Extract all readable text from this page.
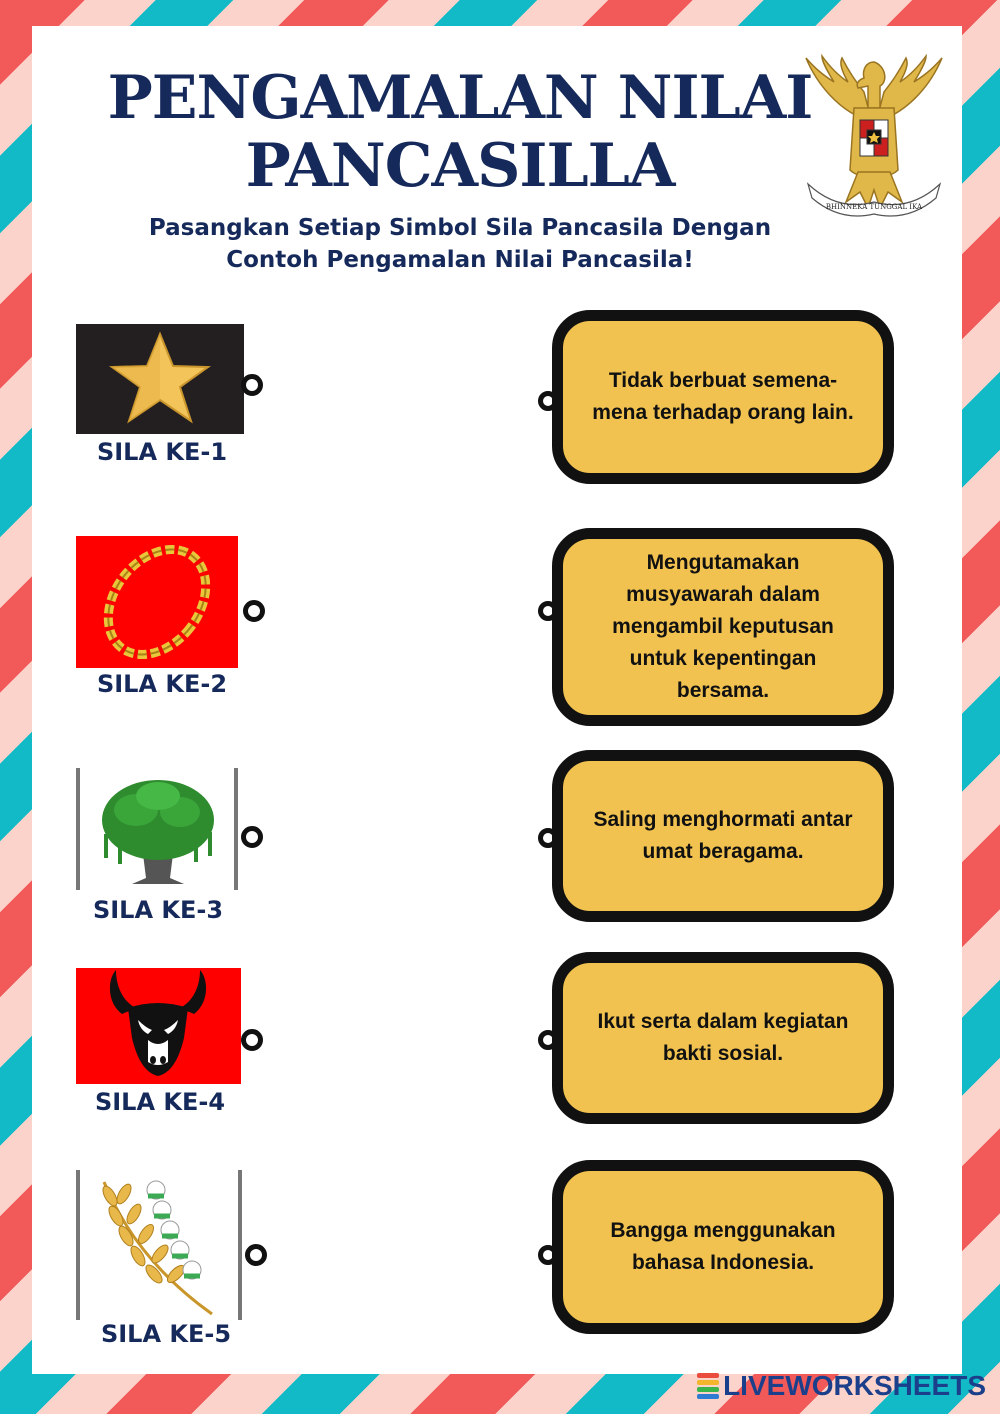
PENGAMALAN NILAI PANCASILLA

Pasangkan Setiap Simbol Sila Pancasila Dengan Contoh Pengamalan Nilai Pancasila!

BHINNEKA TUNGGAL IKA
SILA KE-1
SILA KE-2
SILA KE-3
SILA KE-4
SILA KE-5
Tidak berbuat semena-mena terhadap orang lain.
Mengutamakan musyawarah dalam mengambil keputusan untuk kepentingan bersama.
Saling menghormati antar umat beragama.
Ikut serta dalam kegiatan bakti sosial.
Bangga menggunakan bahasa Indonesia.
LIVEWORKSHEETS
